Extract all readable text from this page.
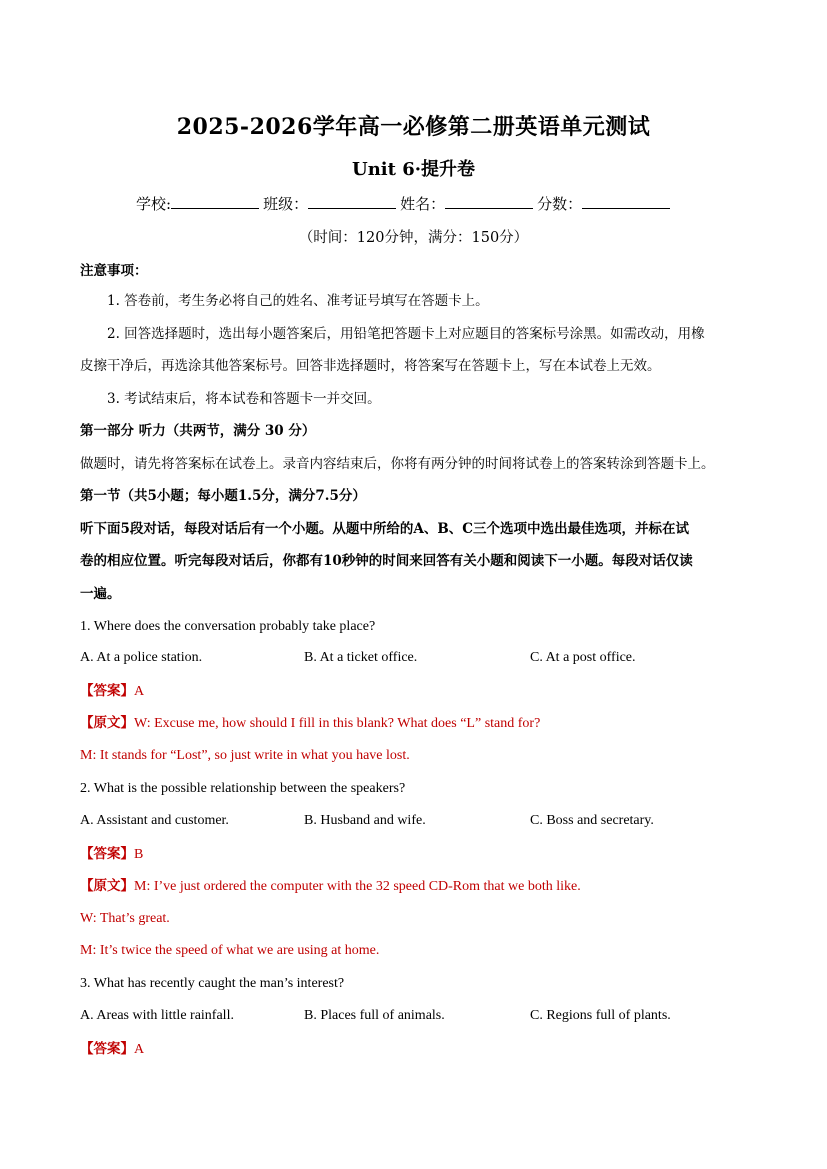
2025-2026学年高一必修第二册英语单元测试
Unit 6·提升卷
学校:	班级：	姓名：	分数：
（时间：120分钟，满分：150分）
注意事项：
1. 答卷前，考生务必将自己的姓名、准考证号填写在答题卡上。
2. 回答选择题时，选出每小题答案后，用铅笔把答题卡上对应题目的答案标号涂黑。如需改动，用橡
皮擦干净后，再选涂其他答案标号。回答非选择题时，将答案写在答题卡上，写在本试卷上无效。
3. 考试结束后，将本试卷和答题卡一并交回。
第一部分 听力（共两节，满分 30 分）
做题时，请先将答案标在试卷上。录音内容结束后，你将有两分钟的时间将试卷上的答案转涂到答题卡上。
第一节（共5小题；每小题1.5分，满分7.5分）
听下面5段对话，每段对话后有一个小题。从题中所给的A、B、C三个选项中选出最佳选项，并标在试
卷的相应位置。听完每段对话后，你都有10秒钟的时间来回答有关小题和阅读下一小题。每段对话仅读
一遍。
1. Where does the conversation probably take place?
A. At a police station.	B. At a ticket office.	C. At a post office.
【答案】A
【原文】W: Excuse me, how should I fill in this blank? What does “L” stand for?
M: It stands for “Lost”, so just write in what you have lost.
2. What is the possible relationship between the speakers?
A. Assistant and customer.	B. Husband and wife.	C. Boss and secretary.
【答案】B
【原文】M: I’ve just ordered the computer with the 32 speed CD-Rom that we both like.
W: That’s great.
M: It’s twice the speed of what we are using at home.
3. What has recently caught the man’s interest?
A. Areas with little rainfall.	B. Places full of animals.	C. Regions full of plants.
【答案】A
